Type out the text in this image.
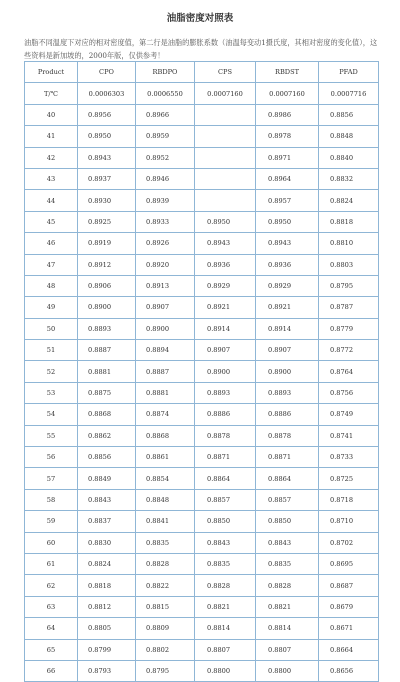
油脂密度对照表
油脂不同温度下对应的相对密度值，第二行是油脂的膨胀系数（油温每变动1摄氏度，其相对密度的变化值），这些资料是新加坡的，2000年版，仅供参考！
Product	CPO	RBDPO	CPS	RBDST	PFAD
T/℃	0.0006303	0.0006550	0.0007160	0.0007160	0.0007716
40	0.8956	0.8966		0.8986	0.8856
41	0.8950	0.8959		0.8978	0.8848
42	0.8943	0.8952		0.8971	0.8840
43	0.8937	0.8946		0.8964	0.8832
44	0.8930	0.8939		0.8957	0.8824
45	0.8925	0.8933	0.8950	0.8950	0.8818
46	0.8919	0.8926	0.8943	0.8943	0.8810
47	0.8912	0.8920	0.8936	0.8936	0.8803
48	0.8906	0.8913	0.8929	0.8929	0.8795
49	0.8900	0.8907	0.8921	0.8921	0.8787
50	0.8893	0.8900	0.8914	0.8914	0.8779
51	0.8887	0.8894	0.8907	0.8907	0.8772
52	0.8881	0.8887	0.8900	0.8900	0.8764
53	0.8875	0.8881	0.8893	0.8893	0.8756
54	0.8868	0.8874	0.8886	0.8886	0.8749
55	0.8862	0.8868	0.8878	0.8878	0.8741
56	0.8856	0.8861	0.8871	0.8871	0.8733
57	0.8849	0.8854	0.8864	0.8864	0.8725
58	0.8843	0.8848	0.8857	0.8857	0.8718
59	0.8837	0.8841	0.8850	0.8850	0.8710
60	0.8830	0.8835	0.8843	0.8843	0.8702
61	0.8824	0.8828	0.8835	0.8835	0.8695
62	0.8818	0.8822	0.8828	0.8828	0.8687
63	0.8812	0.8815	0.8821	0.8821	0.8679
64	0.8805	0.8809	0.8814	0.8814	0.8671
65	0.8799	0.8802	0.8807	0.8807	0.8664
66	0.8793	0.8795	0.8800	0.8800	0.8656
